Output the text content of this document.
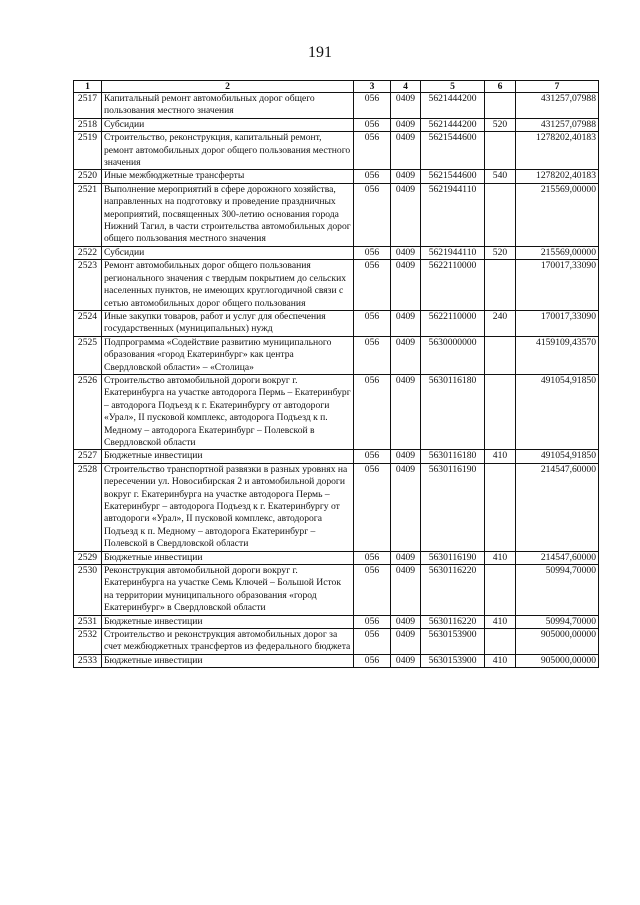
191
1	2	3	4	5	6	7
2517	Капитальный ремонт автомобильных дорог общего пользования местного значения	056	0409	5621444200		431257,07988
2518	Субсидии	056	0409	5621444200	520	431257,07988
2519	Строительство, реконструкция, капитальный ремонт, ремонт автомобильных дорог общего пользования местного значения	056	0409	5621544600		1278202,40183
2520	Иные межбюджетные трансферты	056	0409	5621544600	540	1278202,40183
2521	Выполнение мероприятий в сфере дорожного хозяйства, направленных на подготовку и проведение праздничных мероприятий, посвященных 300-летию основания города Нижний Тагил, в части строительства автомобильных дорог общего пользования местного значения	056	0409	5621944110		215569,00000
2522	Субсидии	056	0409	5621944110	520	215569,00000
2523	Ремонт автомобильных дорог общего пользования регионального значения с твердым покрытием до сельских населенных пунктов, не имеющих круглогодичной связи с сетью автомобильных дорог общего пользования	056	0409	5622110000		170017,33090
2524	Иные закупки товаров, работ и услуг для обеспечения государственных (муниципальных) нужд	056	0409	5622110000	240	170017,33090
2525	Подпрограмма «Содействие развитию муниципального образования «город Екатеринбург» как центра Свердловской области» – «Столица»	056	0409	5630000000		4159109,43570
2526	Строительство автомобильной дороги вокруг г. Екатеринбурга на участке автодорога Пермь – Екатеринбург – автодорога Подъезд к г. Екатеринбургу от автодороги «Урал», II пусковой комплекс, автодорога Подъезд к п. Медному – автодорога Екатеринбург – Полевской в Свердловской области	056	0409	5630116180		491054,91850
2527	Бюджетные инвестиции	056	0409	5630116180	410	491054,91850
2528	Строительство транспортной развязки в разных уровнях на пересечении ул. Новосибирская 2 и автомобильной дороги вокруг г. Екатеринбурга на участке автодорога Пермь – Екатеринбург – автодорога Подъезд к г. Екатеринбургу от автодороги «Урал», II пусковой комплекс, автодорога Подъезд к п. Медному – автодорога Екатеринбург – Полевской в Свердловской области	056	0409	5630116190		214547,60000
2529	Бюджетные инвестиции	056	0409	5630116190	410	214547,60000
2530	Реконструкция автомобильной дороги вокруг г. Екатеринбурга на участке Семь Ключей – Большой Исток на территории муниципального образования «город Екатеринбург» в Свердловской области	056	0409	5630116220		50994,70000
2531	Бюджетные инвестиции	056	0409	5630116220	410	50994,70000
2532	Строительство и реконструкция автомобильных дорог за счет межбюджетных трансфертов из федерального бюджета	056	0409	5630153900		905000,00000
2533	Бюджетные инвестиции	056	0409	5630153900	410	905000,00000
